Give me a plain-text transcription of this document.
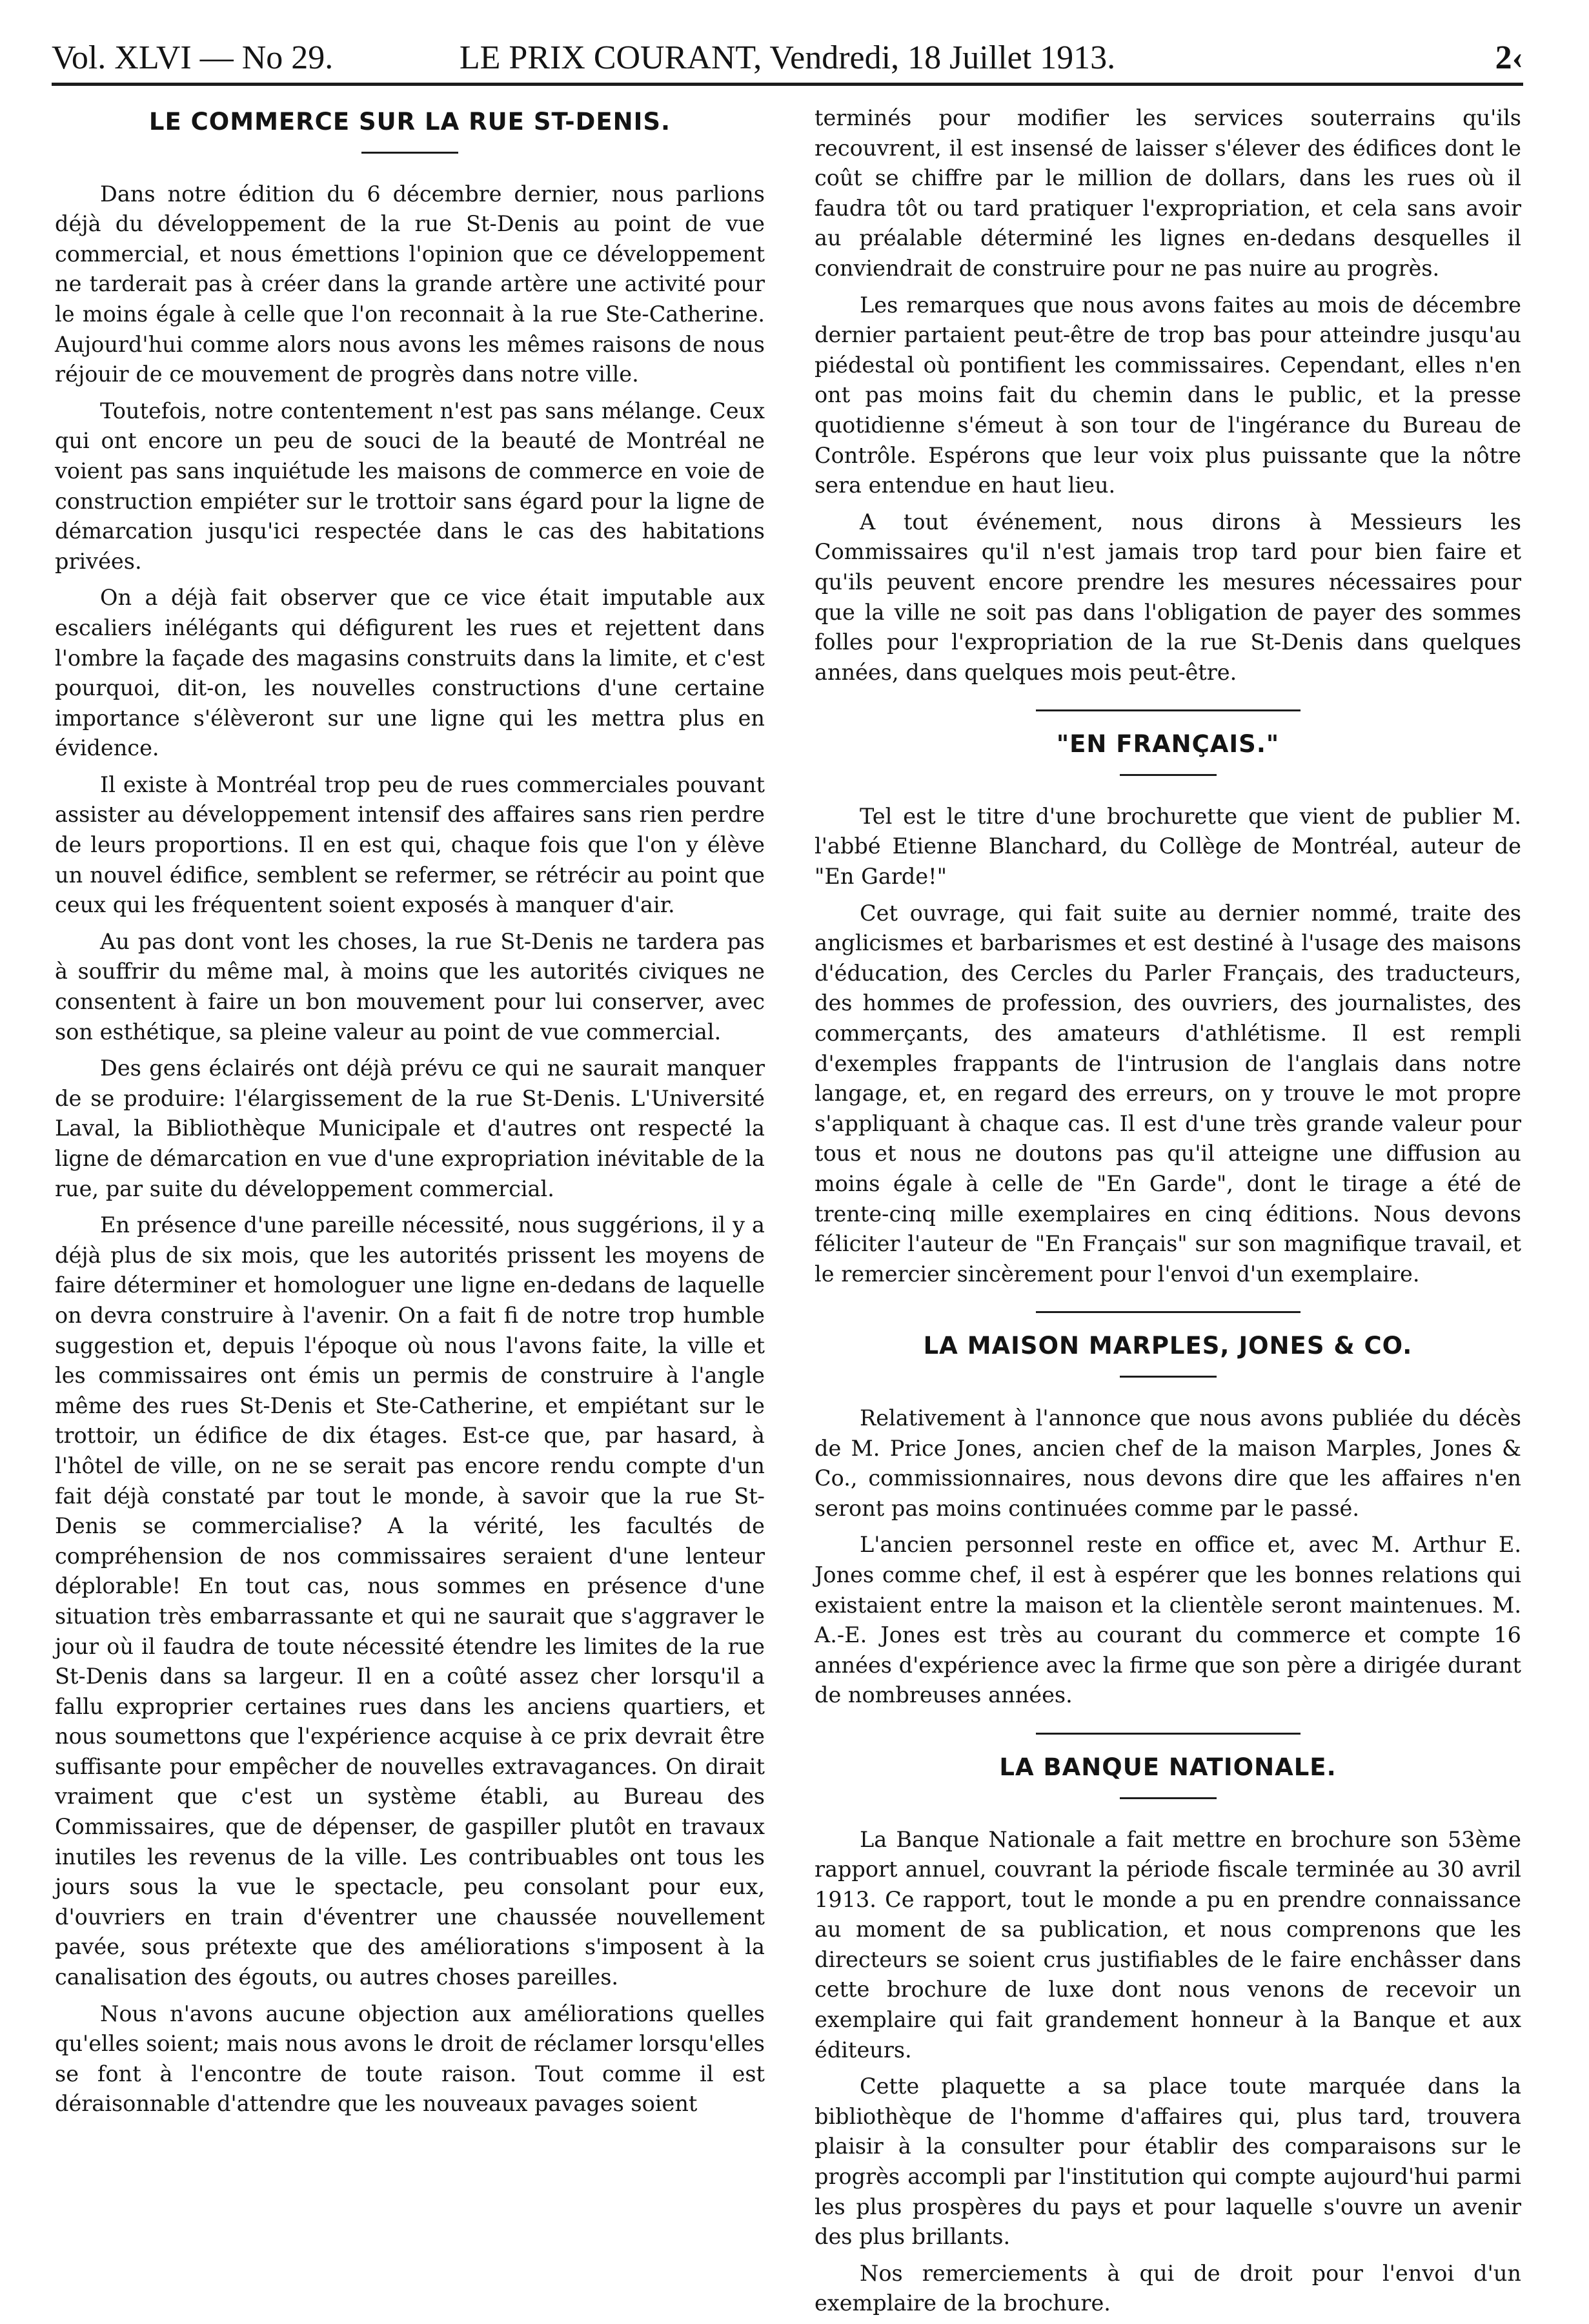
Vol. XLVI — No 29.	LE PRIX COURANT, Vendredi, 18 Juillet 1913.	2‹
LE COMMERCE SUR LA RUE ST-DENIS.

Dans notre édition du 6 décembre dernier, nous parlions déjà du développement de la rue St-Denis au point de vue commercial, et nous émettions l'opinion que ce développement ne tarderait pas à créer dans la grande artère une activité pour le moins égale à celle que l'on reconnait à la rue Ste-Catherine. Aujourd'hui comme alors nous avons les mêmes raisons de nous réjouir de ce mouvement de progrès dans notre ville.

Toutefois, notre contentement n'est pas sans mélange. Ceux qui ont encore un peu de souci de la beauté de Montréal ne voient pas sans inquiétude les maisons de commerce en voie de construction empiéter sur le trottoir sans égard pour la ligne de démarcation jusqu'ici respectée dans le cas des habitations privées.

On a déjà fait observer que ce vice était imputable aux escaliers inélégants qui défigurent les rues et rejettent dans l'ombre la façade des magasins construits dans la limite, et c'est pourquoi, dit-on, les nouvelles constructions d'une certaine importance s'élèveront sur une ligne qui les mettra plus en évidence.

Il existe à Montréal trop peu de rues commerciales pouvant assister au développement intensif des affaires sans rien perdre de leurs proportions. Il en est qui, chaque fois que l'on y élève un nouvel édifice, semblent se refermer, se rétrécir au point que ceux qui les fréquentent soient exposés à manquer d'air.

Au pas dont vont les choses, la rue St-Denis ne tardera pas à souffrir du même mal, à moins que les autorités civiques ne consentent à faire un bon mouvement pour lui conserver, avec son esthétique, sa pleine valeur au point de vue commercial.

Des gens éclairés ont déjà prévu ce qui ne saurait manquer de se produire: l'élargissement de la rue St-Denis. L'Université Laval, la Bibliothèque Municipale et d'autres ont respecté la ligne de démarcation en vue d'une expropriation inévitable de la rue, par suite du développement commercial.

En présence d'une pareille nécessité, nous suggérions, il y a déjà plus de six mois, que les autorités prissent les moyens de faire déterminer et homologuer une ligne en-dedans de laquelle on devra construire à l'avenir. On a fait fi de notre trop humble suggestion et, depuis l'époque où nous l'avons faite, la ville et les commissaires ont émis un permis de construire à l'angle même des rues St-Denis et Ste-Catherine, et empiétant sur le trottoir, un édifice de dix étages. Est-ce que, par hasard, à l'hôtel de ville, on ne se serait pas encore rendu compte d'un fait déjà constaté par tout le monde, à savoir que la rue St-Denis se commercialise? A la vérité, les facultés de compréhension de nos commissaires seraient d'une lenteur déplorable! En tout cas, nous sommes en présence d'une situation très embarrassante et qui ne saurait que s'aggraver le jour où il faudra de toute nécessité étendre les limites de la rue St-Denis dans sa largeur. Il en a coûté assez cher lorsqu'il a fallu exproprier certaines rues dans les anciens quartiers, et nous soumettons que l'expérience acquise à ce prix devrait être suffisante pour empêcher de nouvelles extravagances. On dirait vraiment que c'est un système établi, au Bureau des Commissaires, que de dépenser, de gaspiller plutôt en travaux inutiles les revenus de la ville. Les contribuables ont tous les jours sous la vue le spectacle, peu consolant pour eux, d'ouvriers en train d'éventrer une chaussée nouvellement pavée, sous prétexte que des améliorations s'imposent à la canalisation des égouts, ou autres choses pareilles.

Nous n'avons aucune objection aux améliorations quelles qu'elles soient; mais nous avons le droit de réclamer lorsqu'elles se font à l'encontre de toute raison. Tout comme il est déraisonnable d'attendre que les nouveaux pavages soient

terminés pour modifier les services souterrains qu'ils recouvrent, il est insensé de laisser s'élever des édifices dont le coût se chiffre par le million de dollars, dans les rues où il faudra tôt ou tard pratiquer l'expropriation, et cela sans avoir au préalable déterminé les lignes en-dedans desquelles il conviendrait de construire pour ne pas nuire au progrès.

Les remarques que nous avons faites au mois de décembre dernier partaient peut-être de trop bas pour atteindre jusqu'au piédestal où pontifient les commissaires. Cependant, elles n'en ont pas moins fait du chemin dans le public, et la presse quotidienne s'émeut à son tour de l'ingérance du Bureau de Contrôle. Espérons que leur voix plus puissante que la nôtre sera entendue en haut lieu.

A tout événement, nous dirons à Messieurs les Commissaires qu'il n'est jamais trop tard pour bien faire et qu'ils peuvent encore prendre les mesures nécessaires pour que la ville ne soit pas dans l'obligation de payer des sommes folles pour l'expropriation de la rue St-Denis dans quelques années, dans quelques mois peut-être.

"EN FRANÇAIS."

Tel est le titre d'une brochurette que vient de publier M. l'abbé Etienne Blanchard, du Collège de Montréal, auteur de "En Garde!"

Cet ouvrage, qui fait suite au dernier nommé, traite des anglicismes et barbarismes et est destiné à l'usage des maisons d'éducation, des Cercles du Parler Français, des traducteurs, des hommes de profession, des ouvriers, des journalistes, des commerçants, des amateurs d'athlétisme. Il est rempli d'exemples frappants de l'intrusion de l'anglais dans notre langage, et, en regard des erreurs, on y trouve le mot propre s'appliquant à chaque cas. Il est d'une très grande valeur pour tous et nous ne doutons pas qu'il atteigne une diffusion au moins égale à celle de "En Garde", dont le tirage a été de trente-cinq mille exemplaires en cinq éditions. Nous devons féliciter l'auteur de "En Français" sur son magnifique travail, et le remercier sincèrement pour l'envoi d'un exemplaire.

LA MAISON MARPLES, JONES & CO.

Relativement à l'annonce que nous avons publiée du décès de M. Price Jones, ancien chef de la maison Marples, Jones & Co., commissionnaires, nous devons dire que les affaires n'en seront pas moins continuées comme par le passé.

L'ancien personnel reste en office et, avec M. Arthur E. Jones comme chef, il est à espérer que les bonnes relations qui existaient entre la maison et la clientèle seront maintenues. M. A.-E. Jones est très au courant du commerce et compte 16 années d'expérience avec la firme que son père a dirigée durant de nombreuses années.

LA BANQUE NATIONALE.

La Banque Nationale a fait mettre en brochure son 53ème rapport annuel, couvrant la période fiscale terminée au 30 avril 1913. Ce rapport, tout le monde a pu en prendre connaissance au moment de sa publication, et nous comprenons que les directeurs se soient crus justifiables de le faire enchâsser dans cette brochure de luxe dont nous venons de recevoir un exemplaire qui fait grandement honneur à la Banque et aux éditeurs.

Cette plaquette a sa place toute marquée dans la bibliothèque de l'homme d'affaires qui, plus tard, trouvera plaisir à la consulter pour établir des comparaisons sur le progrès accompli par l'institution qui compte aujourd'hui parmi les plus prospères du pays et pour laquelle s'ouvre un avenir des plus brillants.

Nos remerciements à qui de droit pour l'envoi d'un exemplaire de la brochure.
